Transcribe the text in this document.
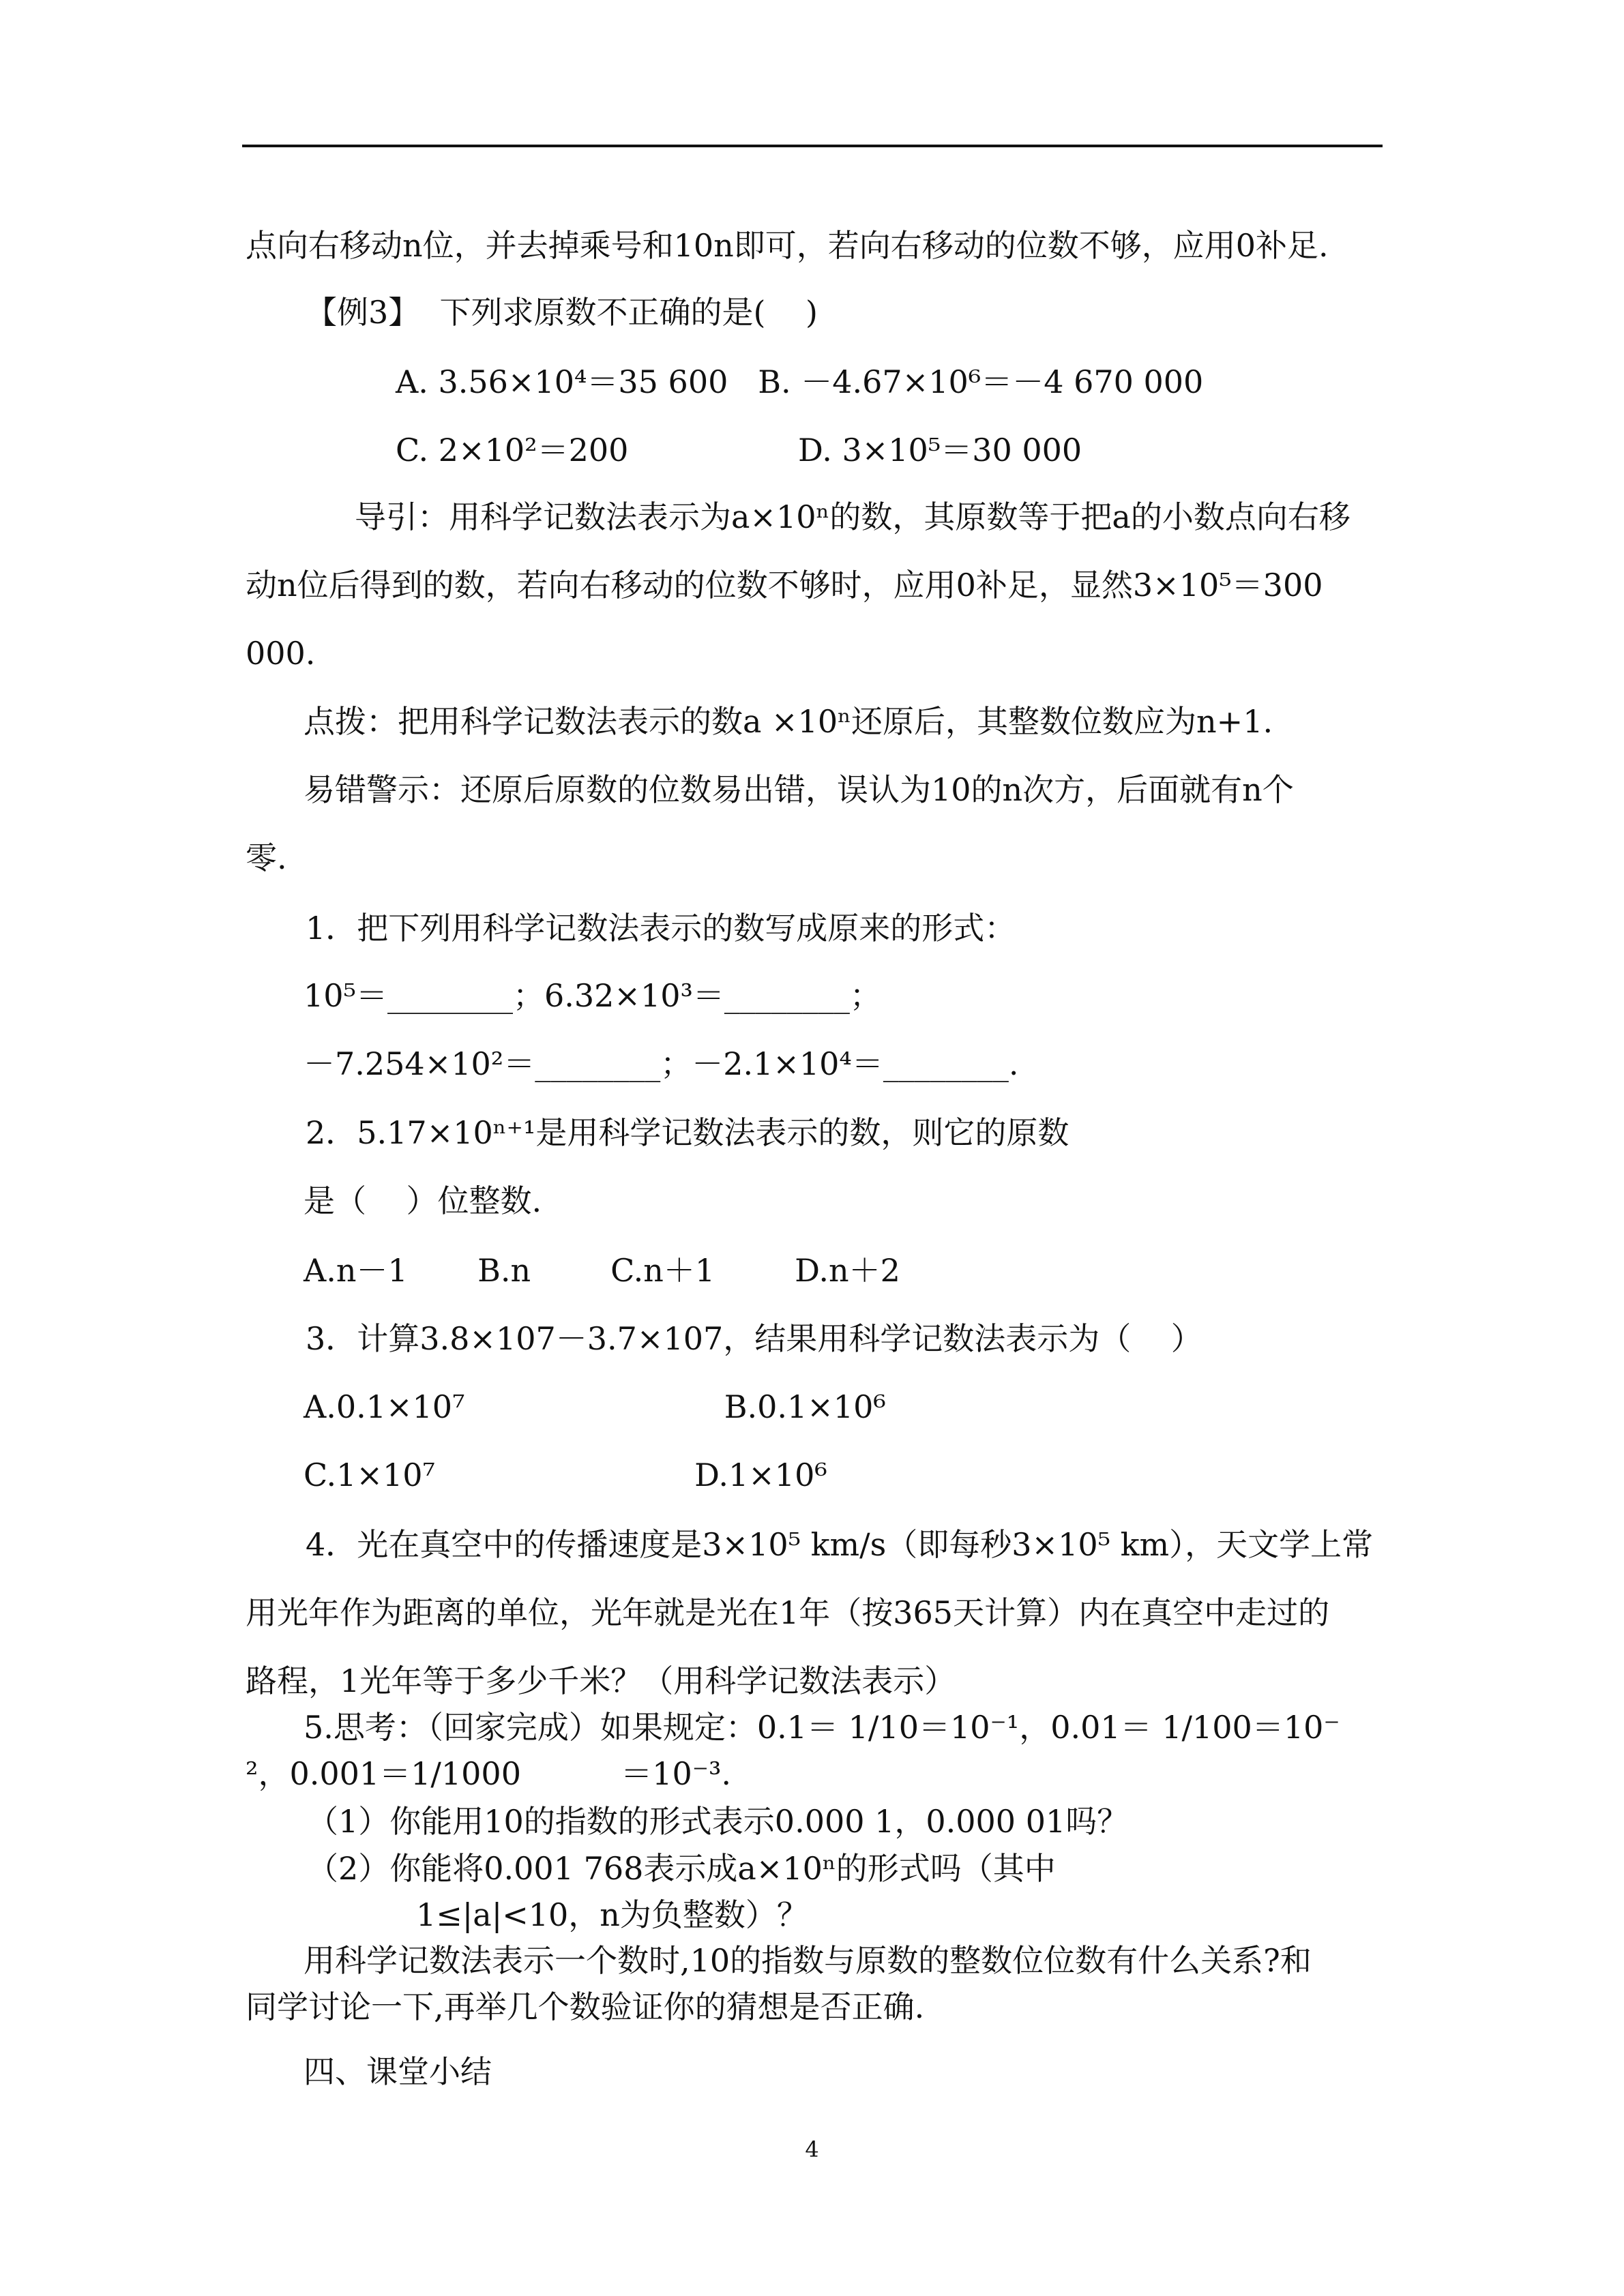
点向右移动n位，并去掉乘号和10n即可，若向右移动的位数不够，应用0补足.
【例3】  下列求原数不正确的是(    )
A. 3.56×10⁴＝35 600   B. －4.67×10⁶＝－4 670 000
C. 2×10²＝200                 D. 3×10⁵＝30 000
导引：用科学记数法表示为a×10ⁿ的数，其原数等于把a的小数点向右移
动n位后得到的数，若向右移动的位数不够时，应用0补足，显然3×10⁵＝300
000.
点拨：把用科学记数法表示的数a ×10ⁿ还原后，其整数位数应为n+1.
易错警示：还原后原数的位数易出错，误认为10的n次方，后面就有n个
零.
1．把下列用科学记数法表示的数写成原来的形式：
10⁵＝________；6.32×10³＝________；
－7.254×10²＝________；－2.1×10⁴＝________.
2．5.17×10ⁿ⁺¹是用科学记数法表示的数，则它的原数
是（    ）位整数.
A.n－1       B.n        C.n＋1        D.n＋2
3．计算3.8×107－3.7×107，结果用科学记数法表示为（    ）
A.0.1×10⁷                          B.0.1×10⁶
C.1×10⁷                          D.1×10⁶
4．光在真空中的传播速度是3×10⁵ km/s（即每秒3×10⁵ km），天文学上常
用光年作为距离的单位，光年就是光在1年（按365天计算）内在真空中走过的
路程，1光年等于多少千米？（用科学记数法表示）
5.思考：（回家完成）如果规定：0.1＝ 1/10＝10⁻¹，0.01＝ 1/100＝10⁻
²，0.001＝1/1000          ＝10⁻³.
（1）你能用10的指数的形式表示0.000 1，0.000 01吗？
（2）你能将0.001 768表示成a×10ⁿ的形式吗（其中
1≤|a|<10，n为负整数）？
用科学记数法表示一个数时,10的指数与原数的整数位位数有什么关系?和
同学讨论一下,再举几个数验证你的猜想是否正确.
四、课堂小结
4
